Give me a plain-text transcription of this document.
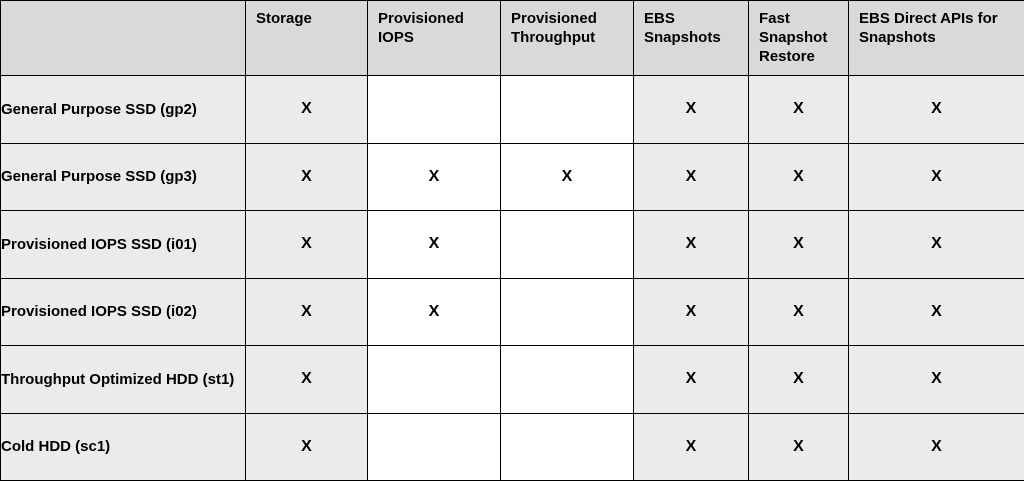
	Storage	Provisioned IOPS	Provisioned Throughput	EBS Snapshots	Fast Snapshot Restore	EBS Direct APIs for Snapshots
General Purpose SSD (gp2)	X			X	X	X
General Purpose SSD (gp3)	X	X	X	X	X	X
Provisioned IOPS SSD (i01)	X	X		X	X	X
Provisioned IOPS SSD (i02)	X	X		X	X	X
Throughput Optimized HDD (st1)	X			X	X	X
Cold HDD (sc1)	X			X	X	X
